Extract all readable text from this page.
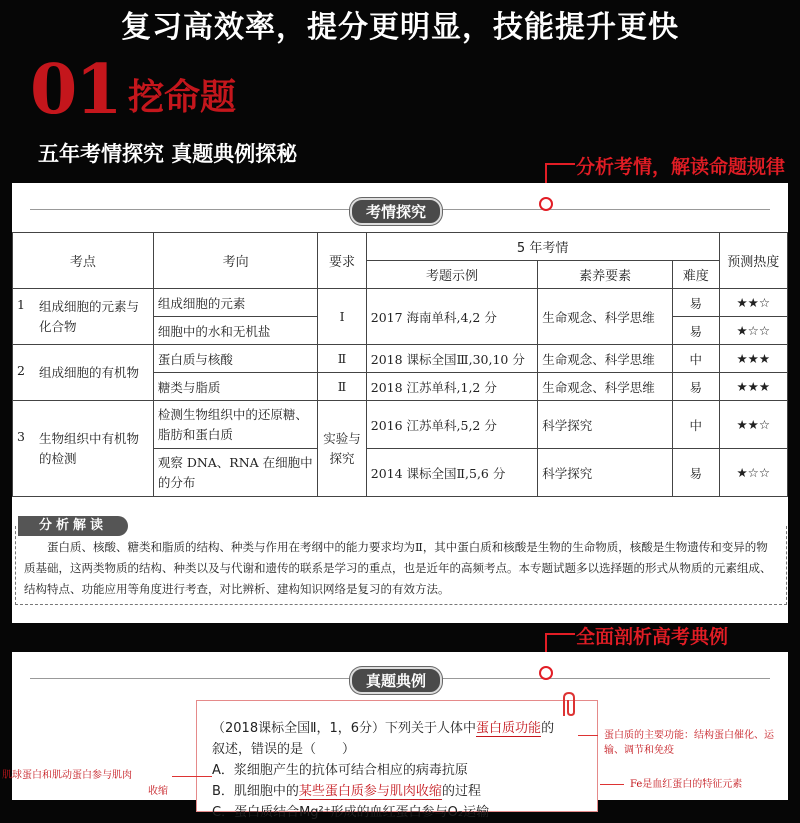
复习高效率，提分更明显，技能提升更快
01 挖命题
五年考情探究 真题典例探秘
分析考情，解读命题规律
考情探究
考点	考向	要求	5 年考情			预测热度
			考题示例	素养要素	难度	

1 组成细胞的元素与化合物	组成细胞的元素	Ⅰ	2017 海南单科,4,2 分	生命观念、科学思维	易	★★☆
	细胞中的水和无机盐				易	★☆☆

2 组成细胞的有机物	蛋白质与核酸	Ⅱ	2018 课标全国Ⅲ,30,10 分	生命观念、科学思维	中	★★★
	糖类与脂质	Ⅱ	2018 江苏单科,1,2 分	生命观念、科学思维	易	★★★

3 生物组织中有机物的检测	检测生物组织中的还原糖、脂肪和蛋白质	实验与探究	2016 江苏单科,5,2 分	科学探究	中	★★☆
	观察 DNA、RNA 在细胞中的分布		2014 课标全国Ⅱ,5,6 分	科学探究	易	★☆☆
分析解读
蛋白质、核酸、糖类和脂质的结构、种类与作用在考纲中的能力要求均为Ⅱ，其中蛋白质和核酸是生物的生命物质，核酸是生物遗传和变异的物质基础，这两类物质的结构、种类以及与代谢和遗传的联系是学习的重点，也是近年的高频考点。本专题试题多以选择题的形式从物质的元素组成、结构特点、功能应用等角度进行考查，对比辨析、建构知识网络是复习的有效方法。
全面剖析高考典例
真题典例
（2018课标全国Ⅱ，1，6分）下列关于人体中蛋白质功能的
叙述，错误的是（　　）
A．浆细胞产生的抗体可结合相应的病毒抗原
B．肌细胞中的某些蛋白质参与肌肉收缩的过程
C．蛋白质结合Mg²⁺形成的血红蛋白参与O₂运输
蛋白质的主要功能：结构蛋白催化、运输、调节和免疫
Fe是血红蛋白的特征元素
肌球蛋白和肌动蛋白参与肌肉
收缩
